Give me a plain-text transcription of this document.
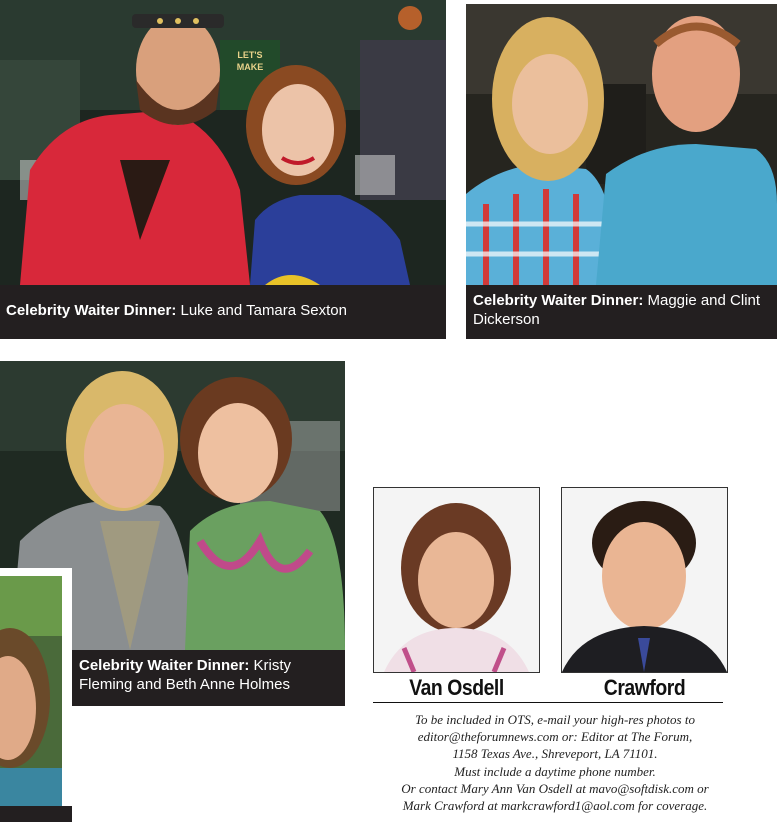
LET'S
MAKE
Celebrity Waiter Dinner: Luke and Tamara Sexton
Celebrity Waiter Dinner: Maggie and Clint Dickerson
Celebrity Waiter Dinner: Kristy Fleming and Beth Anne Holmes	Van Osdell	Crawford
To be included in OTS, e-mail your high-res photos to
editor@theforumnews.com or: Editor at The Forum,
1158 Texas Ave., Shreveport, LA 71101.
Must include a daytime phone number.
Or contact Mary Ann Van Osdell at mavo@softdisk.com or
Mark Crawford at markcrawford1@aol.com for coverage.
